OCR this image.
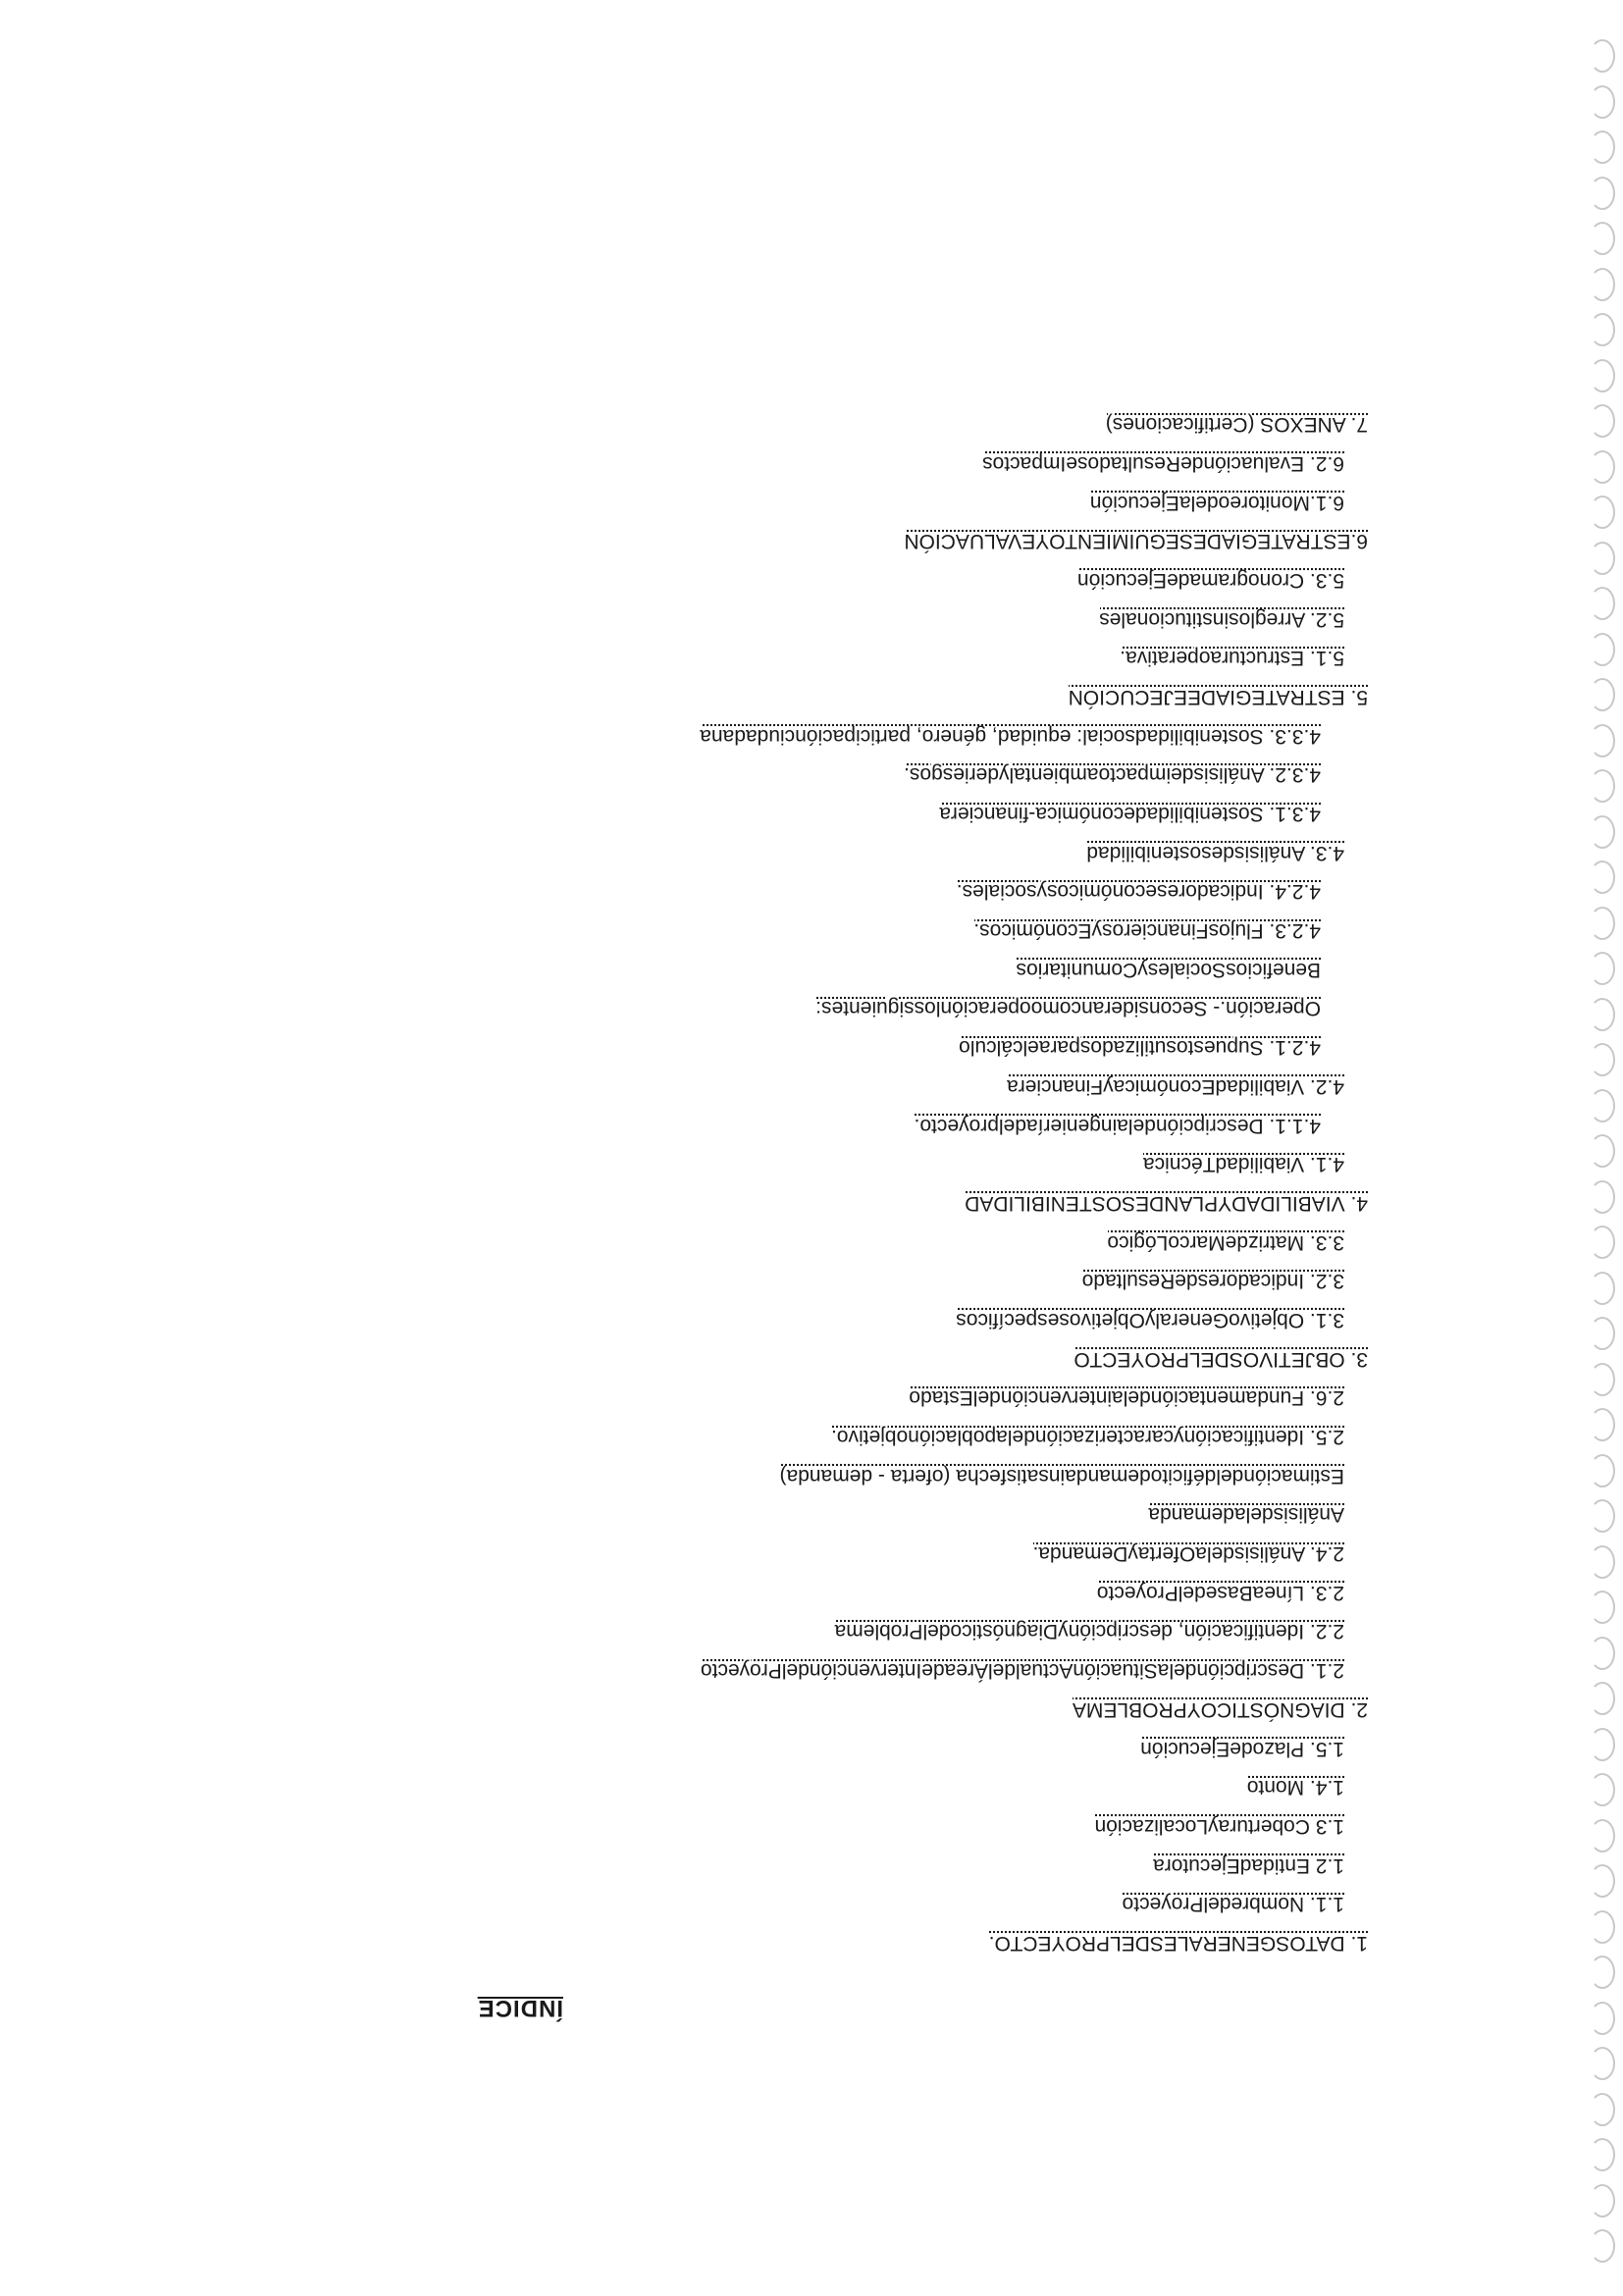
ÍNDICE
1. DATOSGENERALESDELPROYECTO.
1.1. NombredelProyecto
1.2 EntidadEjecutora
1.3 CoberturayLocalización
1.4. Monto
1.5. PlazodeEjecución
2. DIAGNÓSTICOYPROBLEMA
2.1. DescripcióndelaSituaciónActualdelÁreadeIntervencióndelProyecto
2.2. Identificación, descripciónyDiagnósticodelProblema
2.3. LíneaBasedelProyecto
2.4. AnálisisdelaOfertayDemanda.
Análisisdelademanda
Estimacióndeldéficitodemandainsatisfecha (oferta - demanda)
2.5. Identificaciónycaracterizacióndelapoblaciónobjetivo.
2.6. FundamentacióndelaintervencióndelEstado
3. OBJETIVOSDELPROYECTO
3.1. ObjetivoGeneralyObjetivosespecíficos
3.2. IndicadoresdeResultado
3.3. MatrizdeMarcoLógico
4. VIABILIDADYPLANDESOSTENIBILIDAD
4.1. ViabilidadTécnica
4.1.1. Descripcióndelaingenieríadelproyecto.
4.2. ViabilidadEconómicayFinanciera
4.2.1. Supuestosutilizadosparaelcálculo
Operación.- Seconsiderancomooperaciónlossiguientes:
BeneficiosSocialesyComunitarios
4.2.3. FlujosFinancierosyEconómicos.
4.2.4. Indicadoreseconómicosysociales.
4.3. Análisisdesostenibilidad
4.3.1. Sostenibilidadeconómica-financiera
4.3.2. Análisisdeimpactoambientalyderiesgos.
4.3.3. Sostenibilidadsocial: equidad, género, participaciónciudadana
5. ESTRATEGIADEEJECUCIÓN
5.1. Estructuraoperativa.
5.2. Arreglosinstitucionales
5.3. CronogramadeEjecución
6.ESTRATEGIADESEGUIMIENTOYEVALUACIÓN
6.1.MonitoreodelaEjecución
6.2. EvaluacióndeResultadoseImpactos
7. ANEXOS (Certificaciones)
